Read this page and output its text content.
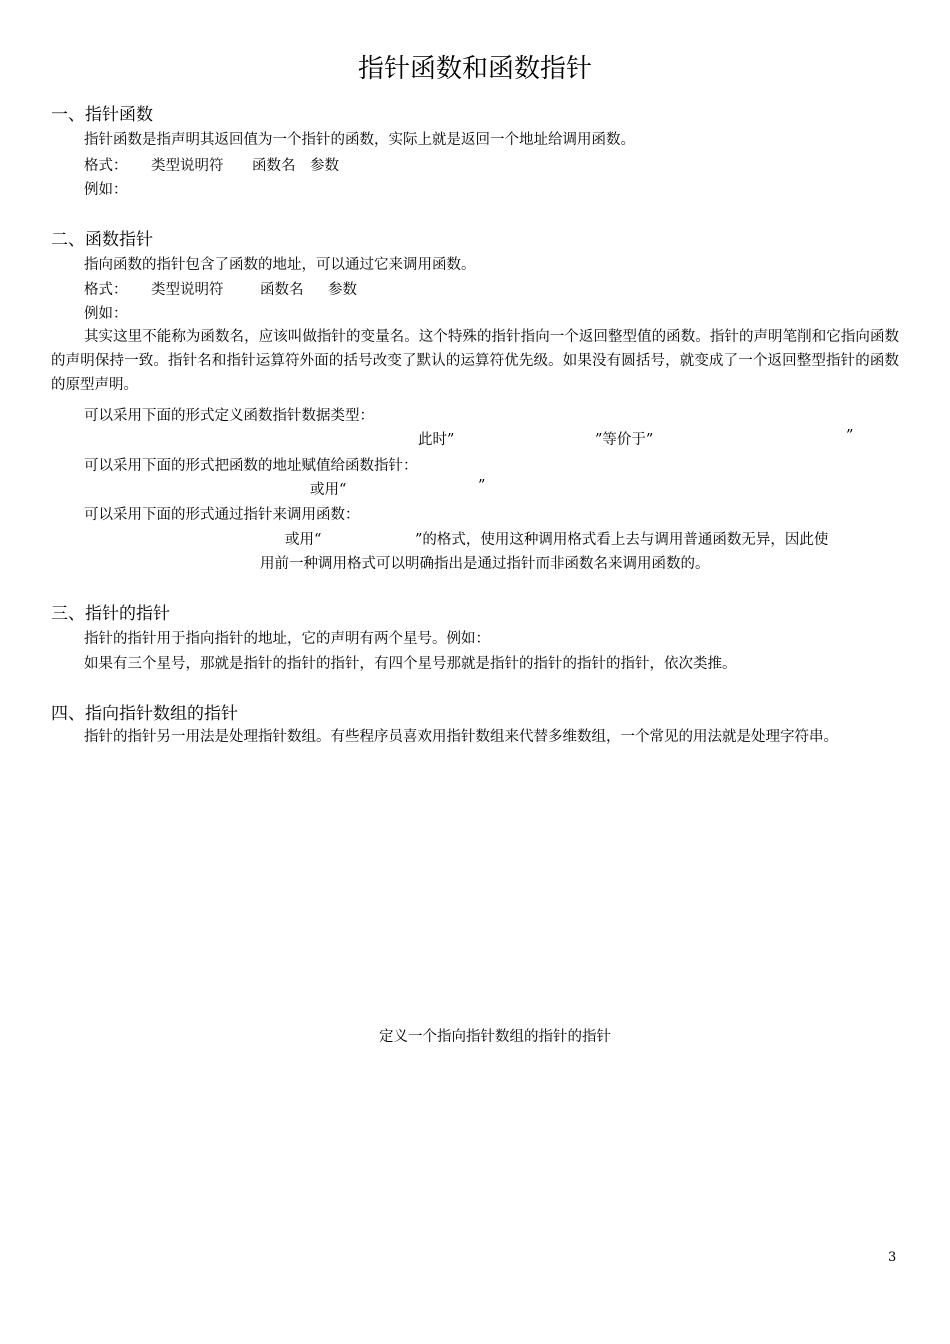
指针函数和函数指针
一、指针函数
指针函数是指声明其返回值为一个指针的函数，实际上就是返回一个地址给调用函数。
格式： 类型说明符 函数名 参数
例如：
二、函数指针
指向函数的指针包含了函数的地址，可以通过它来调用函数。
格式： 类型说明符	函数名 参数
例如：
其实这里不能称为函数名，应该叫做指针的变量名。这个特殊的指针指向一个返回整型值的函数。指针的声明笔削和它指向函数的声明保持一致。指针名和指针运算符外面的括号改变了默认的运算符优先级。如果没有圆括号，就变成了一个返回整型指针的函数的原型声明。
可以采用下面的形式定义函数指针数据类型：
此时”	”等价于”	”
可以采用下面的形式把函数的地址赋值给函数指针：
或用“	”
可以采用下面的形式通过指针来调用函数：
或用“	”的格式，使用这种调用格式看上去与调用普通函数无异，因此使
用前一种调用格式可以明确指出是通过指针而非函数名来调用函数的。
三、指针的指针
指针的指针用于指向指针的地址，它的声明有两个星号。例如：
如果有三个星号，那就是指针的指针的指针，有四个星号那就是指针的指针的指针的指针，依次类推。
四、指向指针数组的指针
指针的指针另一用法是处理指针数组。有些程序员喜欢用指针数组来代替多维数组，一个常见的用法就是处理字符串。
定义一个指向指针数组的指针的指针
3
